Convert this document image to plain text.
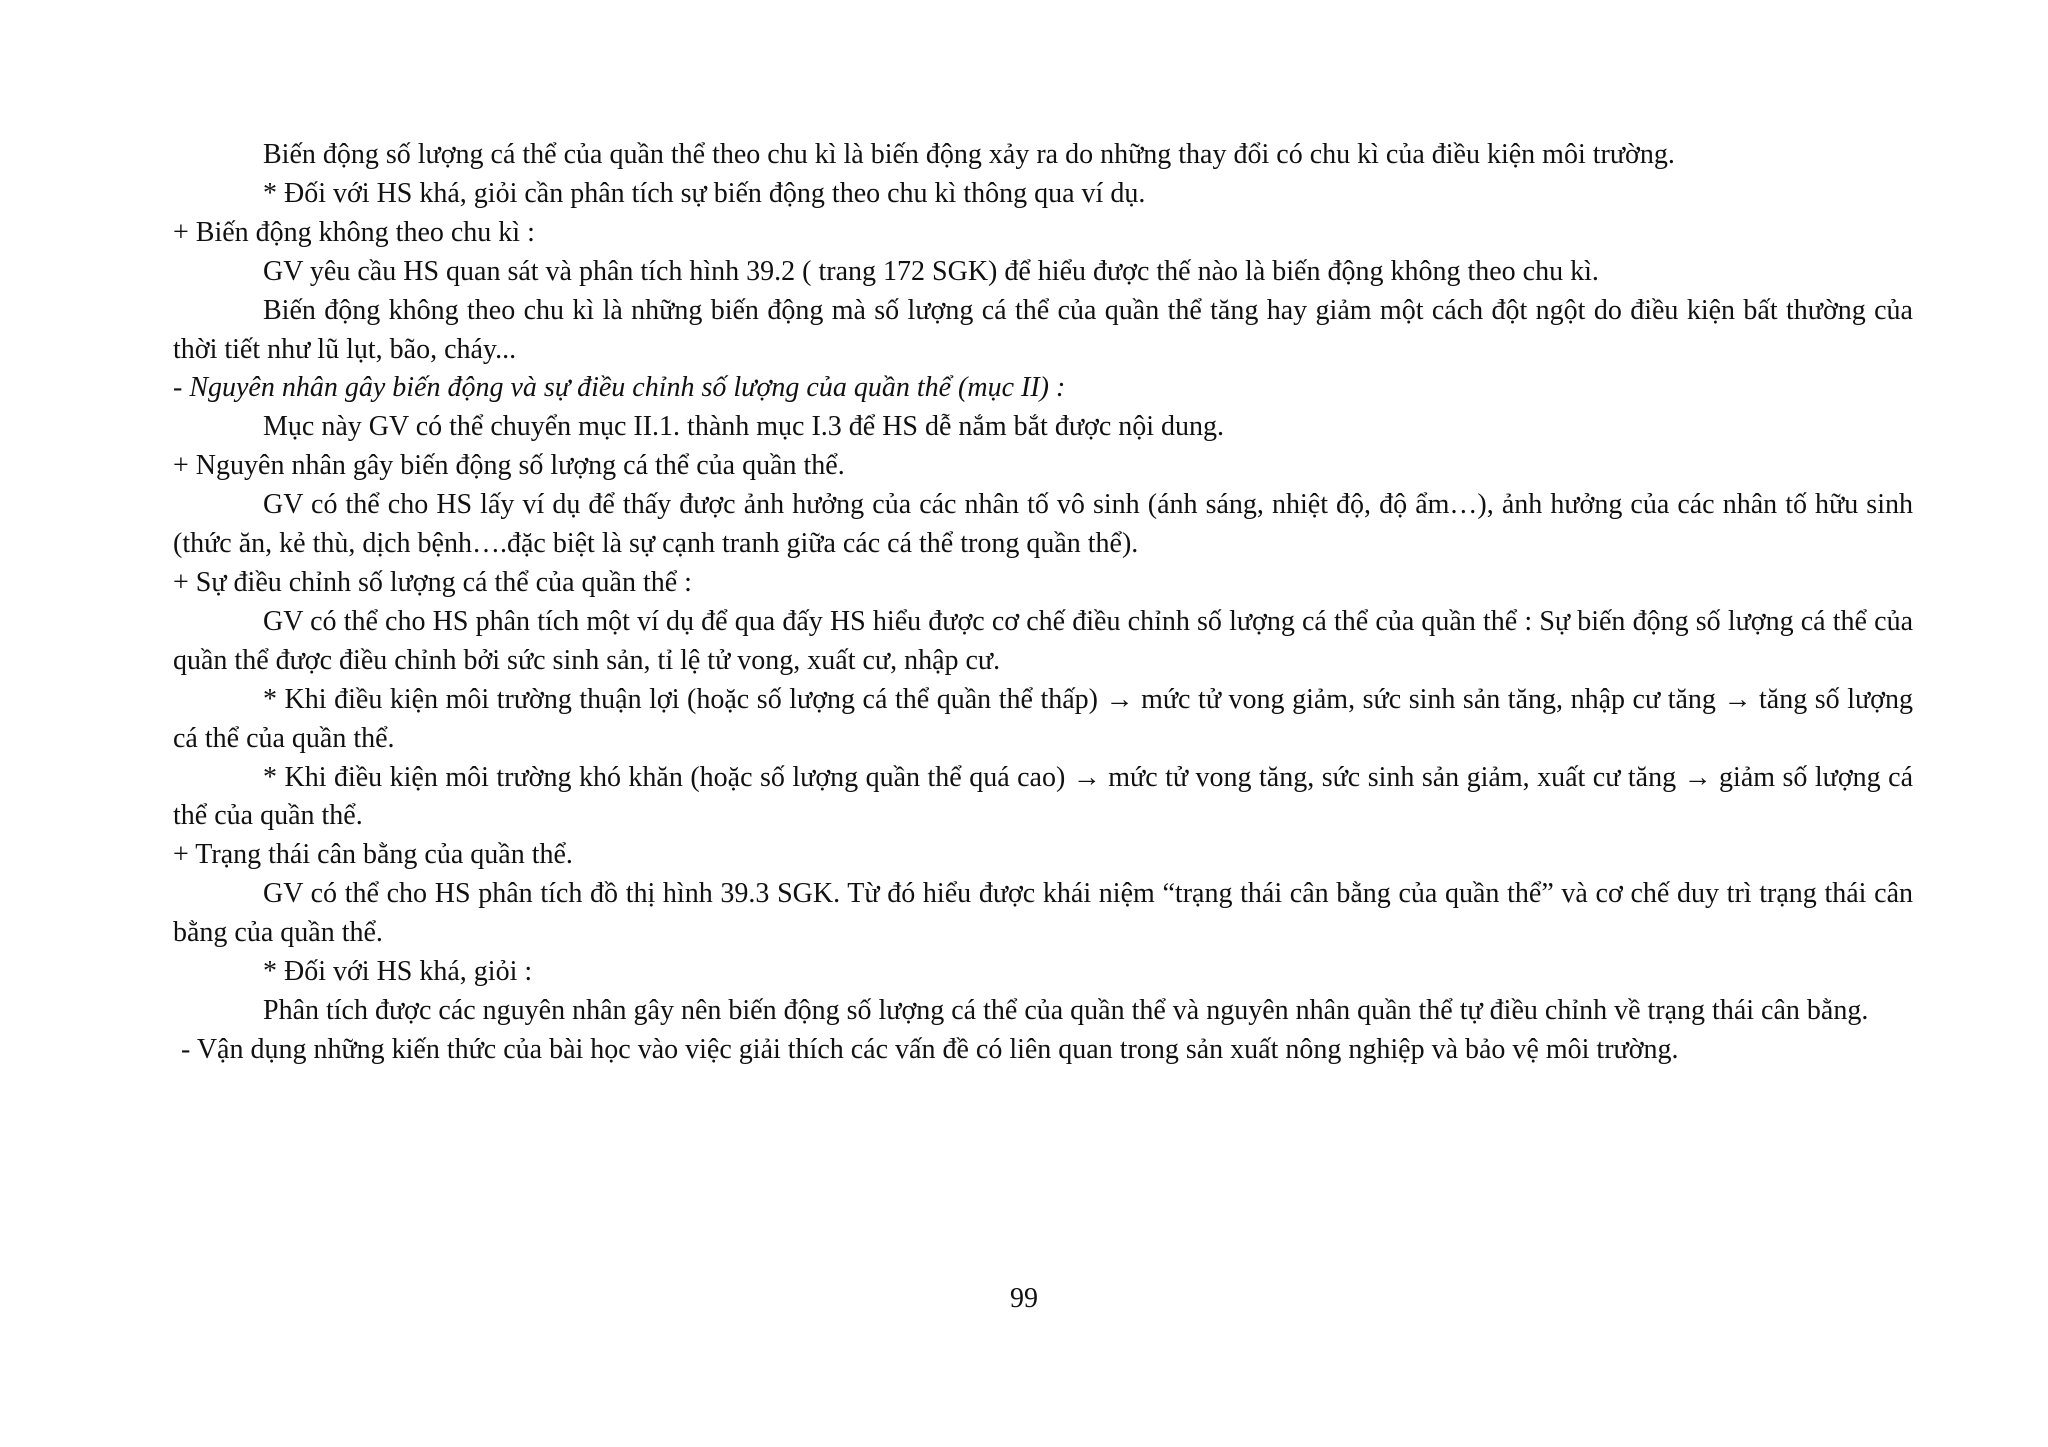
Biến động số lượng cá thể của quần thể theo chu kì là biến động xảy ra do những thay đổi có chu kì của điều kiện môi trường.

* Đối với HS khá, giỏi cần phân tích sự biến động theo chu kì thông qua ví dụ.

+ Biến động không theo chu kì :

GV yêu cầu HS quan sát và phân tích hình 39.2 ( trang 172 SGK) để hiểu được thế nào là biến động không theo chu kì.

Biến động không theo chu kì là những biến động mà số lượng cá thể của quần thể tăng hay giảm một cách đột ngột do điều kiện bất thường của thời tiết như lũ lụt, bão, cháy...

- Nguyên nhân gây biến động và sự điều chỉnh số lượng của quần thể (mục II) :

Mục này GV có thể chuyển mục II.1. thành mục I.3 để HS dễ nắm bắt được nội dung.

+ Nguyên nhân gây biến động số lượng cá thể của quần thể.

GV có thể cho HS lấy ví dụ để thấy được ảnh hưởng của các nhân tố vô sinh (ánh sáng, nhiệt độ, độ ẩm…), ảnh hưởng của các nhân tố hữu sinh (thức ăn, kẻ thù, dịch bệnh….đặc biệt là sự cạnh tranh giữa các cá thể trong quần thể).

+ Sự điều chỉnh số lượng cá thể của quần thể :

GV có thể cho HS phân tích một ví dụ để qua đấy HS hiểu được cơ chế điều chỉnh số lượng cá thể của quần thể : Sự biến động số lượng cá thể của quần thể được điều chỉnh bởi sức sinh sản, tỉ lệ tử vong, xuất cư, nhập cư.

* Khi điều kiện môi trường thuận lợi (hoặc số lượng cá thể quần thể thấp) → mức tử vong giảm, sức sinh sản tăng, nhập cư tăng → tăng số lượng cá thể của quần thể.

* Khi điều kiện môi trường khó khăn (hoặc số lượng quần thể quá cao) → mức tử vong tăng, sức sinh sản giảm, xuất cư tăng → giảm số lượng cá thể của quần thể.

+ Trạng thái cân bằng của quần thể.

GV có thể cho HS phân tích đồ thị hình 39.3 SGK. Từ đó hiểu được khái niệm “trạng thái cân bằng của quần thể” và cơ chế duy trì trạng thái cân bằng của quần thể.

* Đối với HS khá, giỏi :

Phân tích được các nguyên nhân gây nên biến động số lượng cá thể của quần thể và nguyên nhân quần thể tự điều chỉnh về trạng thái cân bằng.

- Vận dụng những kiến thức của bài học vào việc giải thích các vấn đề có liên quan trong sản xuất nông nghiệp và bảo vệ môi trường.

99
